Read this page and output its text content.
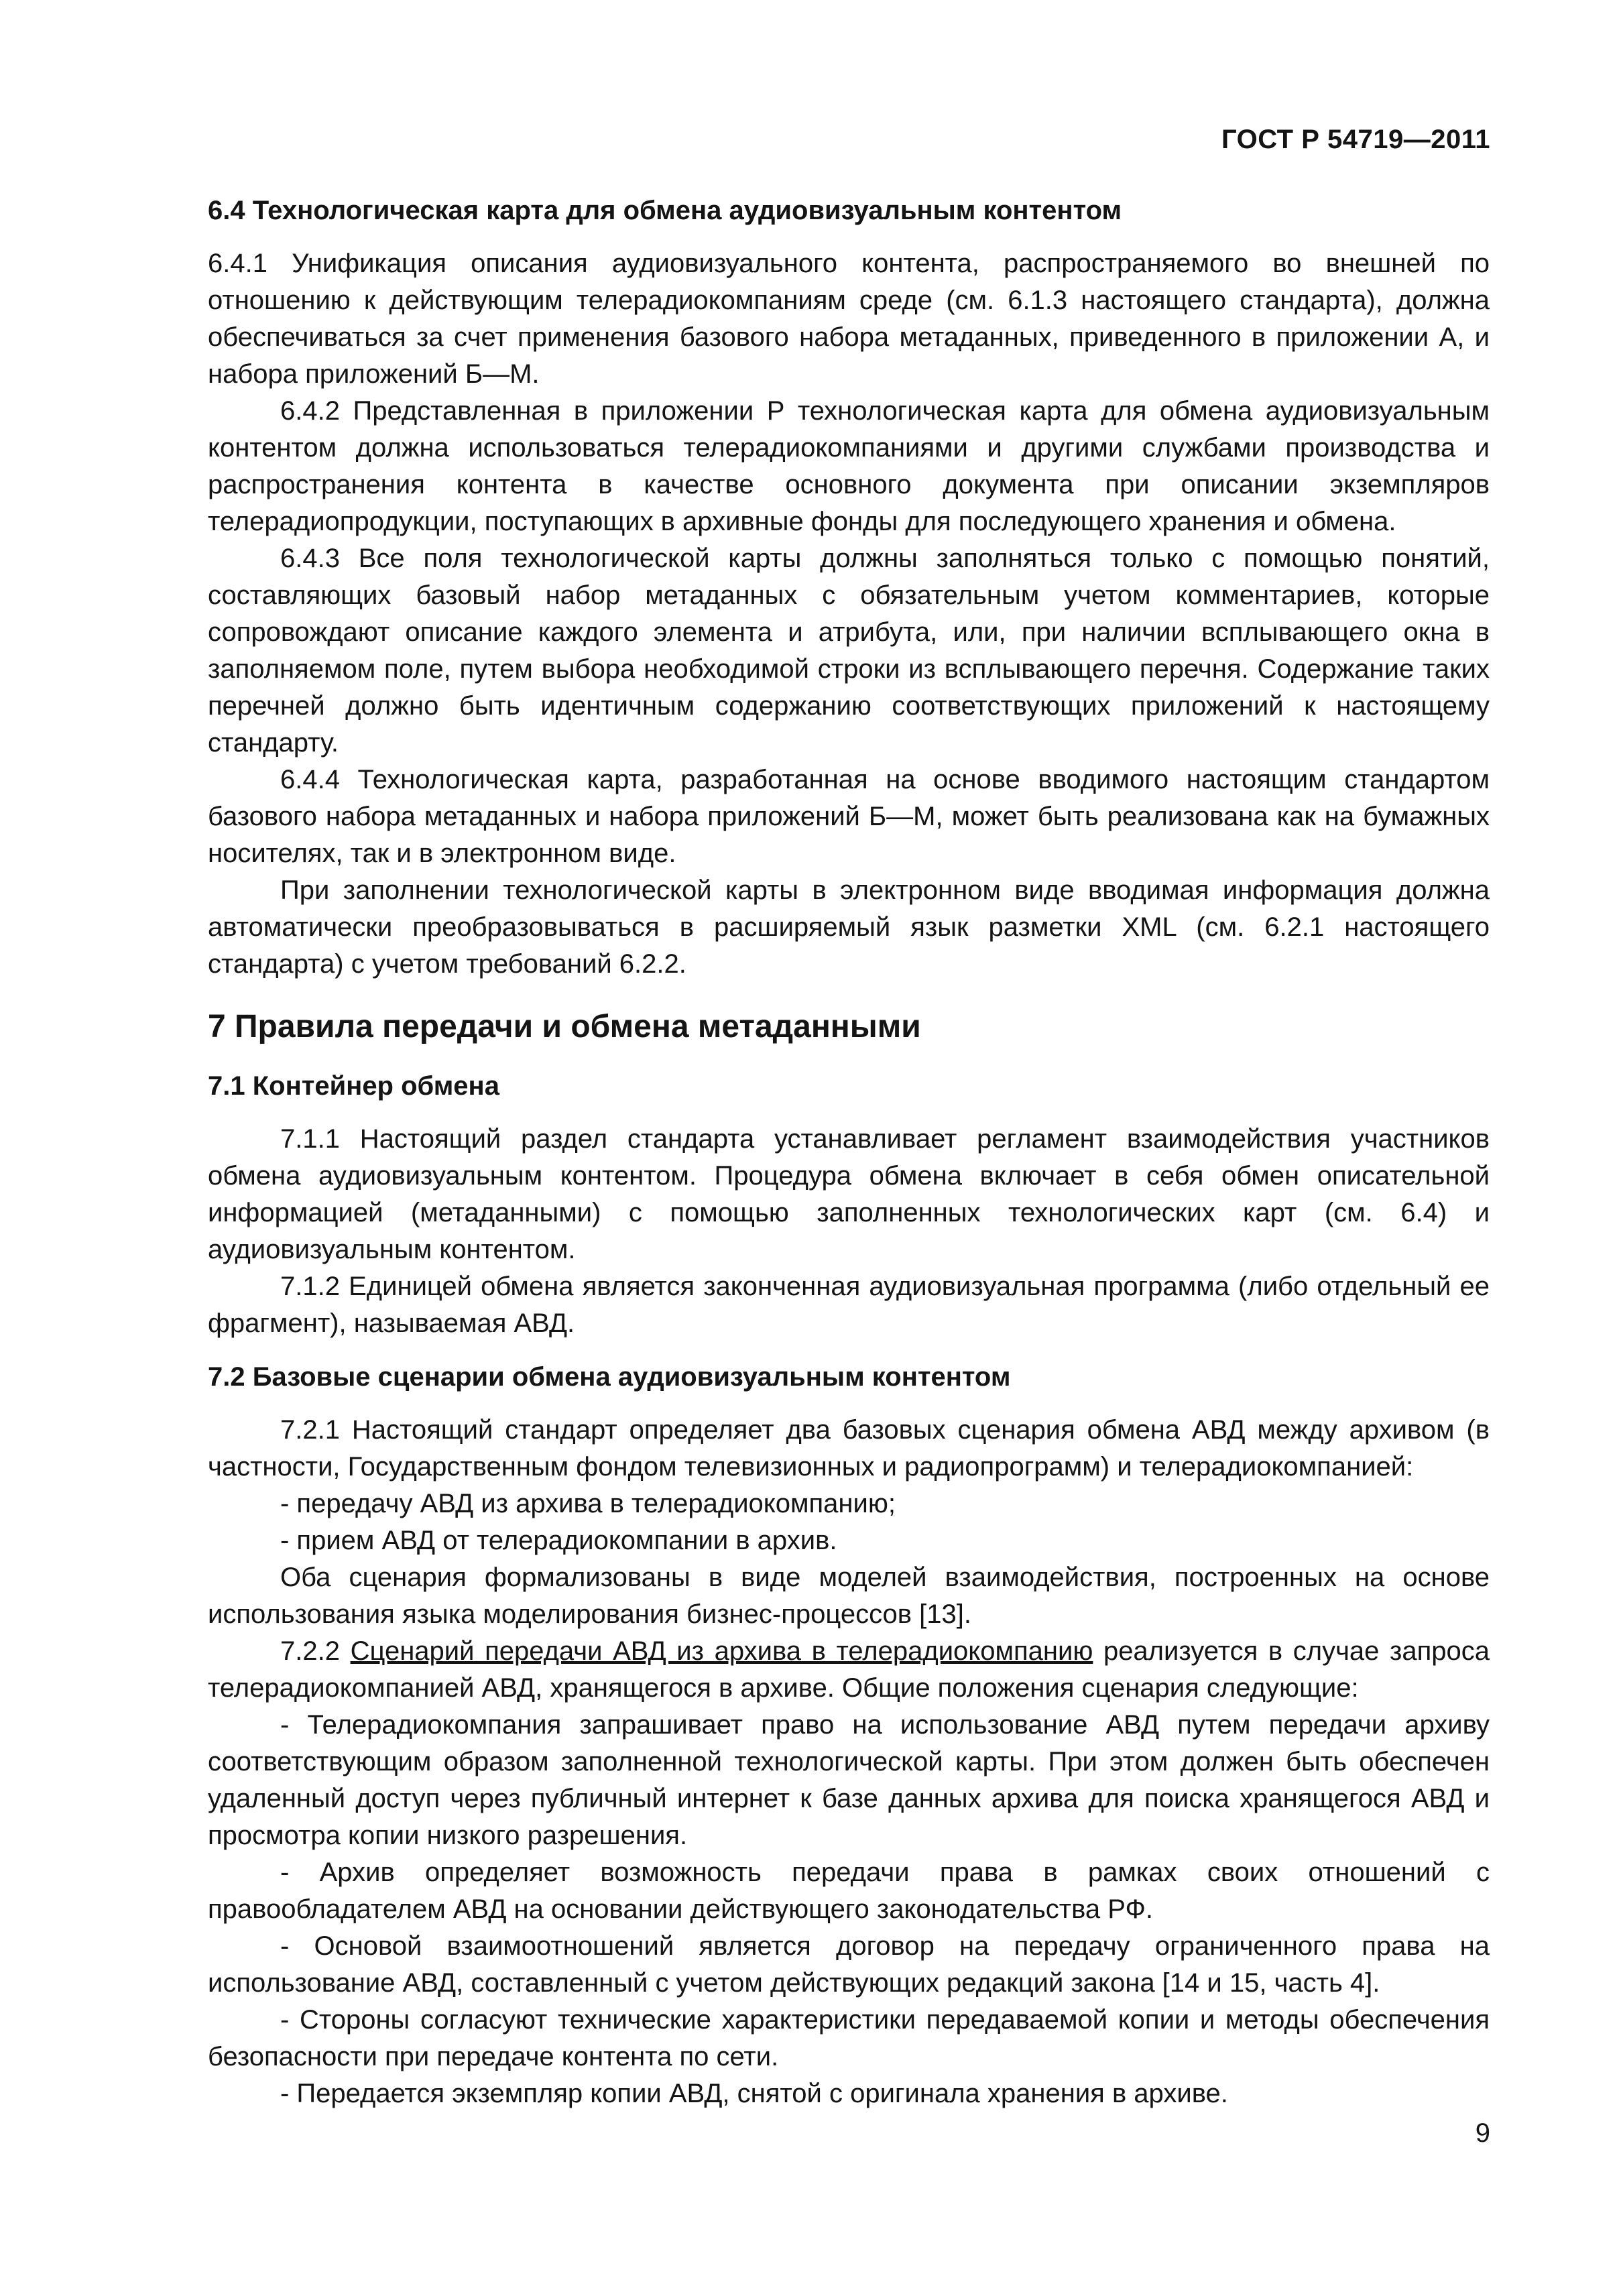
ГОСТ Р 54719—2011
6.4 Технологическая карта для обмена аудиовизуальным контентом

6.4.1 Унификация описания аудиовизуального контента, распространяемого во внешней по отношению к действующим телерадиокомпаниям среде (см. 6.1.3 настоящего стандарта), должна обеспечиваться за счет применения базового набора метаданных, приведенного в приложении А, и набора приложений Б—М.

6.4.2 Представленная в приложении Р технологическая карта для обмена аудиовизуальным контентом должна использоваться телерадиокомпаниями и другими службами производства и распространения контента в качестве основного документа при описании экземпляров телерадиопродукции, поступающих в архивные фонды для последующего хранения и обмена.

6.4.3 Все поля технологической карты должны заполняться только с помощью понятий, составляющих базовый набор метаданных с обязательным учетом комментариев, которые сопровождают описание каждого элемента и атрибута, или, при наличии всплывающего окна в заполняемом поле, путем выбора необходимой строки из всплывающего перечня. Содержание таких перечней должно быть идентичным содержанию соответствующих приложений к настоящему стандарту.

6.4.4 Технологическая карта, разработанная на основе вводимого настоящим стандартом базового набора метаданных и набора приложений Б—М, может быть реализована как на бумажных носителях, так и в электронном виде.

При заполнении технологической карты в электронном виде вводимая информация должна автоматически преобразовываться в расширяемый язык разметки XML (см. 6.2.1 настоящего стандарта) с учетом требований 6.2.2.

7 Правила передачи и обмена метаданными
7.1 Контейнер обмена

7.1.1 Настоящий раздел стандарта устанавливает регламент взаимодействия участников обмена аудиовизуальным контентом. Процедура обмена включает в себя обмен описательной информацией (метаданными) с помощью заполненных технологических карт (см. 6.4) и аудиовизуальным контентом.

7.1.2 Единицей обмена является законченная аудиовизуальная программа (либо отдельный ее фрагмент), называемая АВД.

7.2 Базовые сценарии обмена аудиовизуальным контентом

7.2.1 Настоящий стандарт определяет два базовых сценария обмена АВД между архивом (в частности, Государственным фондом телевизионных и радиопрограмм) и телерадиокомпанией:

- передачу АВД из архива в телерадиокомпанию;

- прием АВД от телерадиокомпании в архив.

Оба сценария формализованы в виде моделей взаимодействия, построенных на основе использования языка моделирования бизнес-процессов [13].

7.2.2 Сценарий передачи АВД из архива в телерадиокомпанию реализуется в случае запроса телерадиокомпанией АВД, хранящегося в архиве. Общие положения сценария следующие:

- Телерадиокомпания запрашивает право на использование АВД путем передачи архиву соответствующим образом заполненной технологической карты. При этом должен быть обеспечен удаленный доступ через публичный интернет к базе данных архива для поиска хранящегося АВД и просмотра копии низкого разрешения.

- Архив определяет возможность передачи права в рамках своих отношений с правообладателем АВД на основании действующего законодательства РФ.

- Основой взаимоотношений является договор на передачу ограниченного права на использование АВД, составленный с учетом действующих редакций закона [14 и 15, часть 4].

- Стороны согласуют технические характеристики передаваемой копии и методы обеспечения безопасности при передаче контента по сети.

- Передается экземпляр копии АВД, снятой с оригинала хранения в архиве.

9
